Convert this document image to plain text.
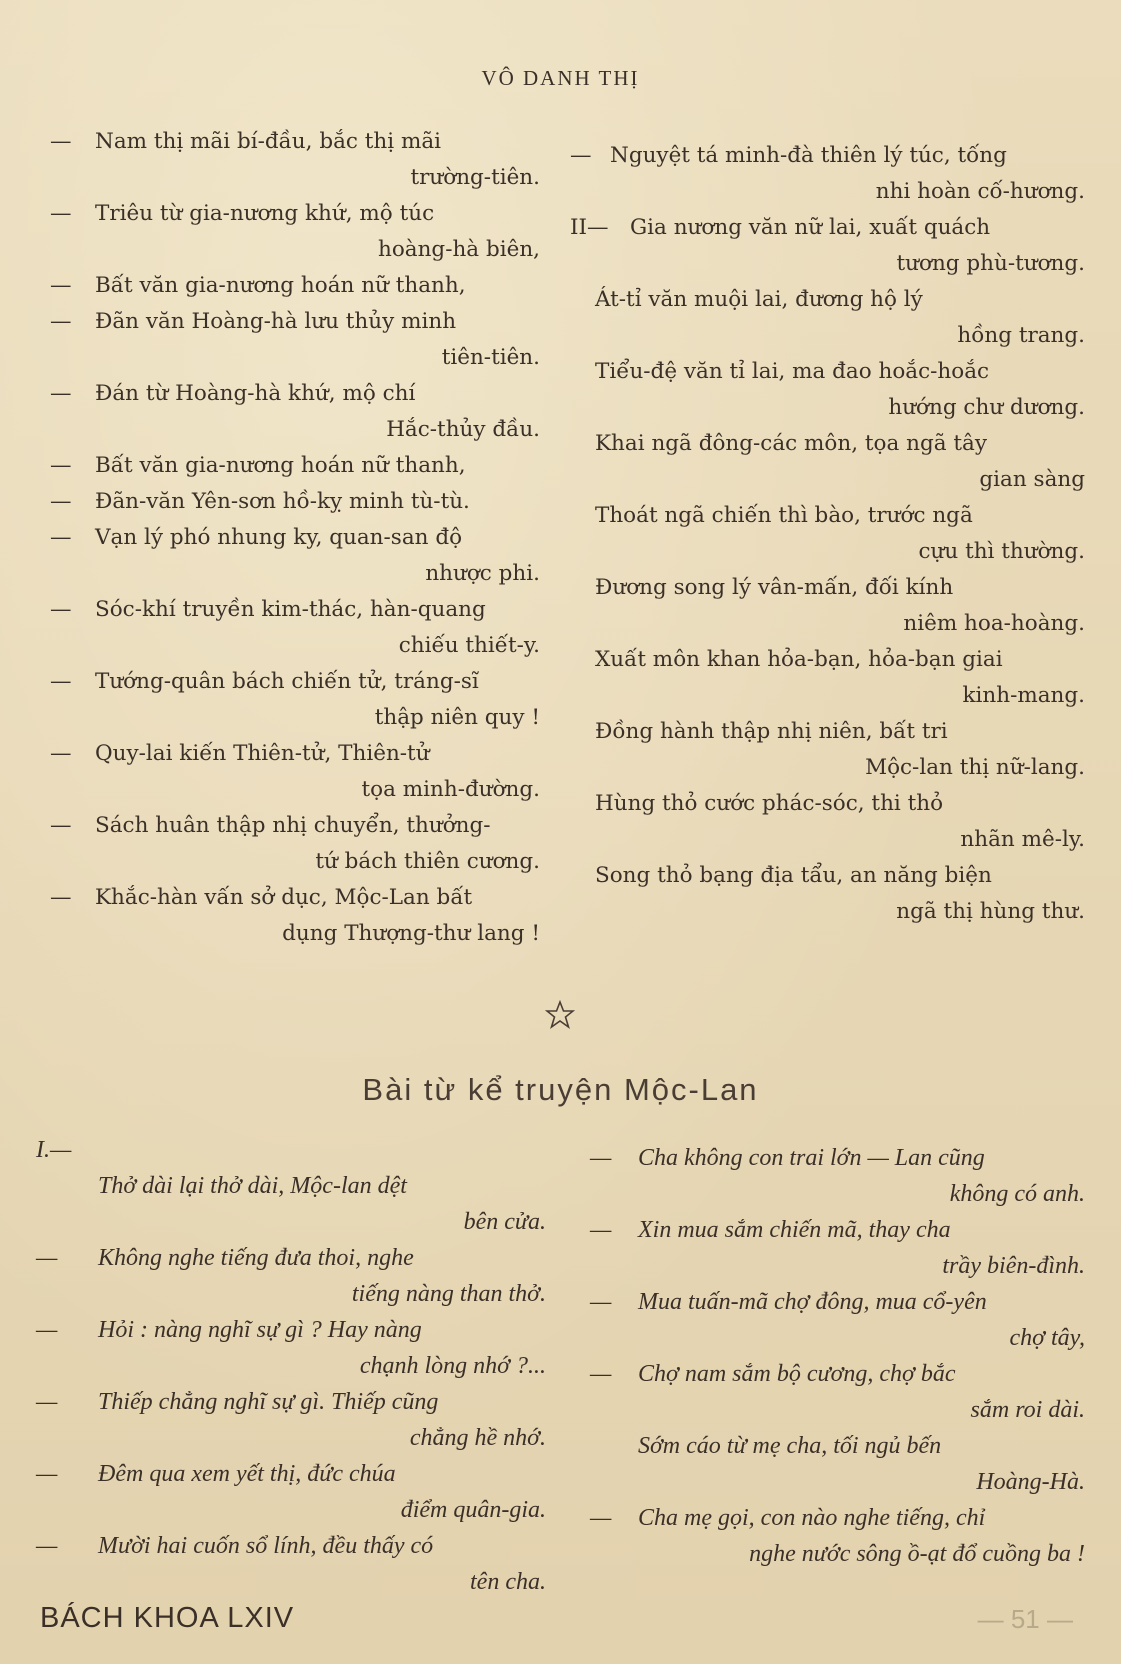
VÔ DANH THỊ
—	Nam thị mãi bí-đầu, bắc thị mãi
trường-tiên.
—	Triêu từ gia-nương khứ, mộ túc
hoàng-hà biên,
—	Bất văn gia-nương hoán nữ thanh,
—	Đãn văn Hoàng-hà lưu thủy minh
tiên-tiên.
—	Đán từ Hoàng-hà khứ, mộ chí
Hắc-thủy đầu.
—	Bất văn gia-nương hoán nữ thanh,
—	Đãn-văn Yên-sơn hồ-kỵ minh tù-tù.
—	Vạn lý phó nhung ky, quan-san độ
nhược phi.
—	Sóc-khí truyền kim-thác, hàn-quang
chiếu thiết-y.
—	Tướng-quân bách chiến tử, tráng-sĩ
thập niên quy !
—	Quy-lai kiến Thiên-tử, Thiên-tử
tọa minh-đường.
—	Sách huân thập nhị chuyển, thưởng-
tứ bách thiên cương.
—	Khắc-hàn vấn sở dục, Mộc-Lan bất
dụng Thượng-thư lang !
— Nguyệt tá minh-đà thiên lý túc, tống
nhi hoàn cố-hương.
II—	Gia nương văn nữ lai, xuất quách
tương phù-tương.
Át-tỉ văn muội lai, đương hộ lý
hồng trang.
Tiểu-đệ văn tỉ lai, ma đao hoắc-hoắc
hướng chư dương.
Khai ngã đông-các môn, tọa ngã tây
gian sàng
Thoát ngã chiến thì bào, trước ngã
cựu thì thường.
Đương song lý vân-mấn, đối kính
niêm hoa-hoàng.
Xuất môn khan hỏa-bạn, hỏa-bạn giai
kinh-mang.
Đồng hành thập nhị niên, bất tri
Mộc-lan thị nữ-lang.
Hùng thỏ cước phác-sóc, thi thỏ
nhãn mê-ly.
Song thỏ bạng địa tẩu, an năng biện
ngã thị hùng thư.
Bài từ kể truyện Mộc-Lan
I.—
Thở dài lại thở dài, Mộc-lan dệt
bên cửa.
—	Không nghe tiếng đưa thoi, nghe
tiếng nàng than thở.
—	Hỏi : nàng nghĩ sự gì ? Hay nàng
chạnh lòng nhớ ?...
—	Thiếp chẳng nghĩ sự gì. Thiếp cũng
chẳng hề nhớ.
—	Đêm qua xem yết thị, đức chúa
điểm quân-gia.
—	Mười hai cuốn sổ lính, đều thấy có
tên cha.
—	Cha không con trai lớn — Lan cũng
không có anh.
—	Xin mua sắm chiến mã, thay cha
trầy biên-đình.
—	Mua tuấn-mã chợ đông, mua cổ-yên
chợ tây,
—	Chợ nam sắm bộ cương, chợ bắc
sắm roi dài.
Sớm cáo từ mẹ cha, tối ngủ bến
Hoàng-Hà.
—	Cha mẹ gọi, con nào nghe tiếng, chỉ
nghe nước sông ồ-ạt đổ cuồng ba !
BÁCH KHOA LXIV	— 51 —
